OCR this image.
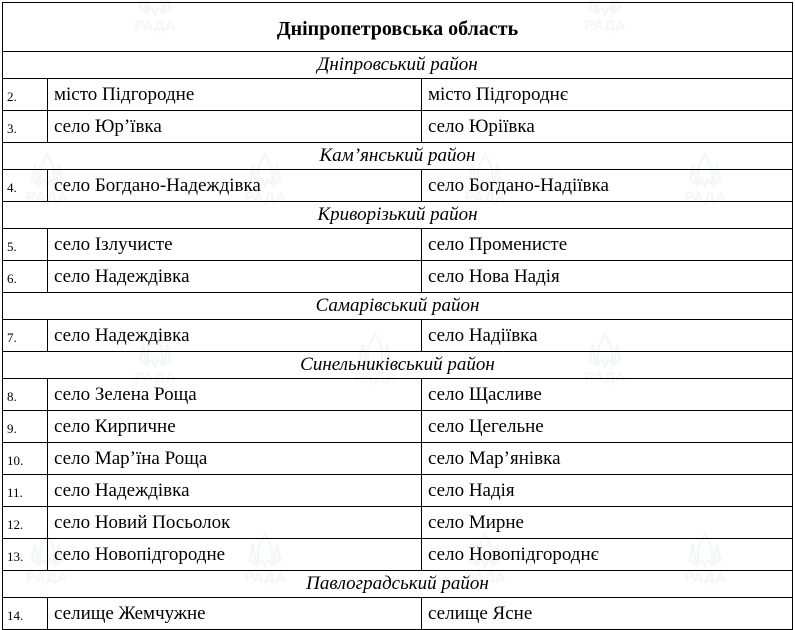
Дніпропетровська область		
Дніпровський район		
2.	місто Підгородне	місто Підгороднє
3.	село Юр’ївка	село Юріївка
Кам’янський район		
4.	село Богдано-Надеждівка	село Богдано-Надіївка
Криворізький район		
5.	село Ізлучисте	село Променисте
6.	село Надеждівка	село Нова Надія
Самарівський район		
7.	село Надеждівка	село Надіївка
Синельниківський район		
8.	село Зелена Роща	село Щасливе
9.	село Кирпичне	село Цегельне
10.	село Мар’їна Роща	село Мар’янівка
11.	село Надеждівка	село Надія
12.	село Новий Посьолок	село Мирне
13.	село Новопідгородне	село Новопідгороднє
Павлоградський район		
14.	селище Жемчужне	селище Ясне
